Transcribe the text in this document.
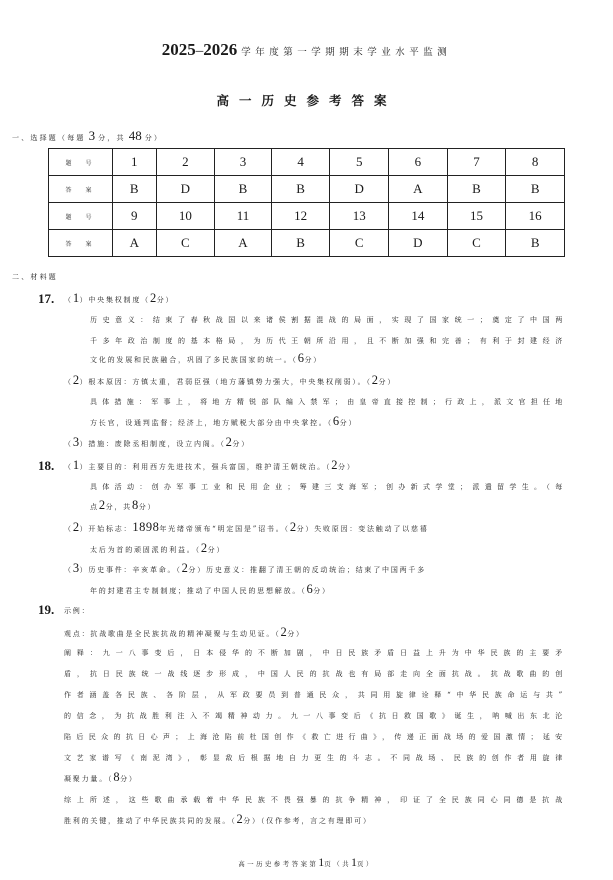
2025–2026 学年度第一学期期末学业水平监测
高一历史参考答案
一、选择题（每题 3 分，共 48 分）
题号	1	2	3	4	5	6	7	8
答案	B	D	B	B	D	A	B	B
题号	9	10	11	12	13	14	15	16
答案	A	C	A	B	C	D	C	B
二、材料题
17. （1）中央集权制度（2分）
历史意义：结束了春秋战国以来诸侯割据混战的局面，实现了国家统一；奠定了中国两
千多年政治制度的基本格局，为历代王朝所沿用，且不断加强和完善；有利于封建经济
文化的发展和民族融合，巩固了多民族国家的统一。（6分）
（2）根本原因：方镇太重，君弱臣强（地方藩镇势力强大，中央集权削弱）。（2分）
具体措施：军事上，将地方精锐部队编入禁军；由皇帝直接控制；行政上，派文官担任地
方长官，设通判监督；经济上，地方赋税大部分由中央掌控。（6分）
（3）措施：废除丞相制度，设立内阁。（2分）
18. （1）主要目的：利用西方先进技术，强兵富国，维护清王朝统治。（2分）
具体活动：创办军事工业和民用企业；筹建三支海军；创办新式学堂；派遣留学生。（每
点2分，共8分）
（2）开始标志：1898年光绪帝颁布“明定国是”诏书。（2分）失败原因：变法触动了以慈禧
太后为首的顽固派的利益。（2分）
（3）历史事件：辛亥革命。（2分）历史意义：推翻了清王朝的反动统治；结束了中国两千多
年的封建君主专制制度；推动了中国人民的思想解放。（6分）
19. 示例：
观点：抗战歌曲是全民族抗战的精神凝聚与生动见证。（2分）
阐释：九一八事变后，日本侵华的不断加剧，中日民族矛盾日益上升为中华民族的主要矛
盾，抗日民族统一战线逐步形成，中国人民的抗战也有局部走向全面抗战。抗战歌曲的创
作者涵盖各民族、各阶层，从军政要员到普通民众，共同用旋律诠释“中华民族命运与共”
的信念，为抗战胜利注入不竭精神动力。九一八事变后《抗日救国歌》诞生，呐喊出东北沦
陷后民众的抗日心声；上海沧陷前杜国创作《救亡进行曲》，传递正面战场的爱国激情；延安
文艺家谱写《南泥湾》，彰显敌后根据地自力更生的斗志。不同战场、民族的创作者用旋律
凝聚力量。（8分）
综上所述，这些歌曲承载着中华民族不畏强暴的抗争精神，印证了全民族同心同德是抗战
胜利的关键，推动了中华民族共同的发展。（2分）（仅作参考，言之有理即可）
高一历史参考答案第1页（共1页）
